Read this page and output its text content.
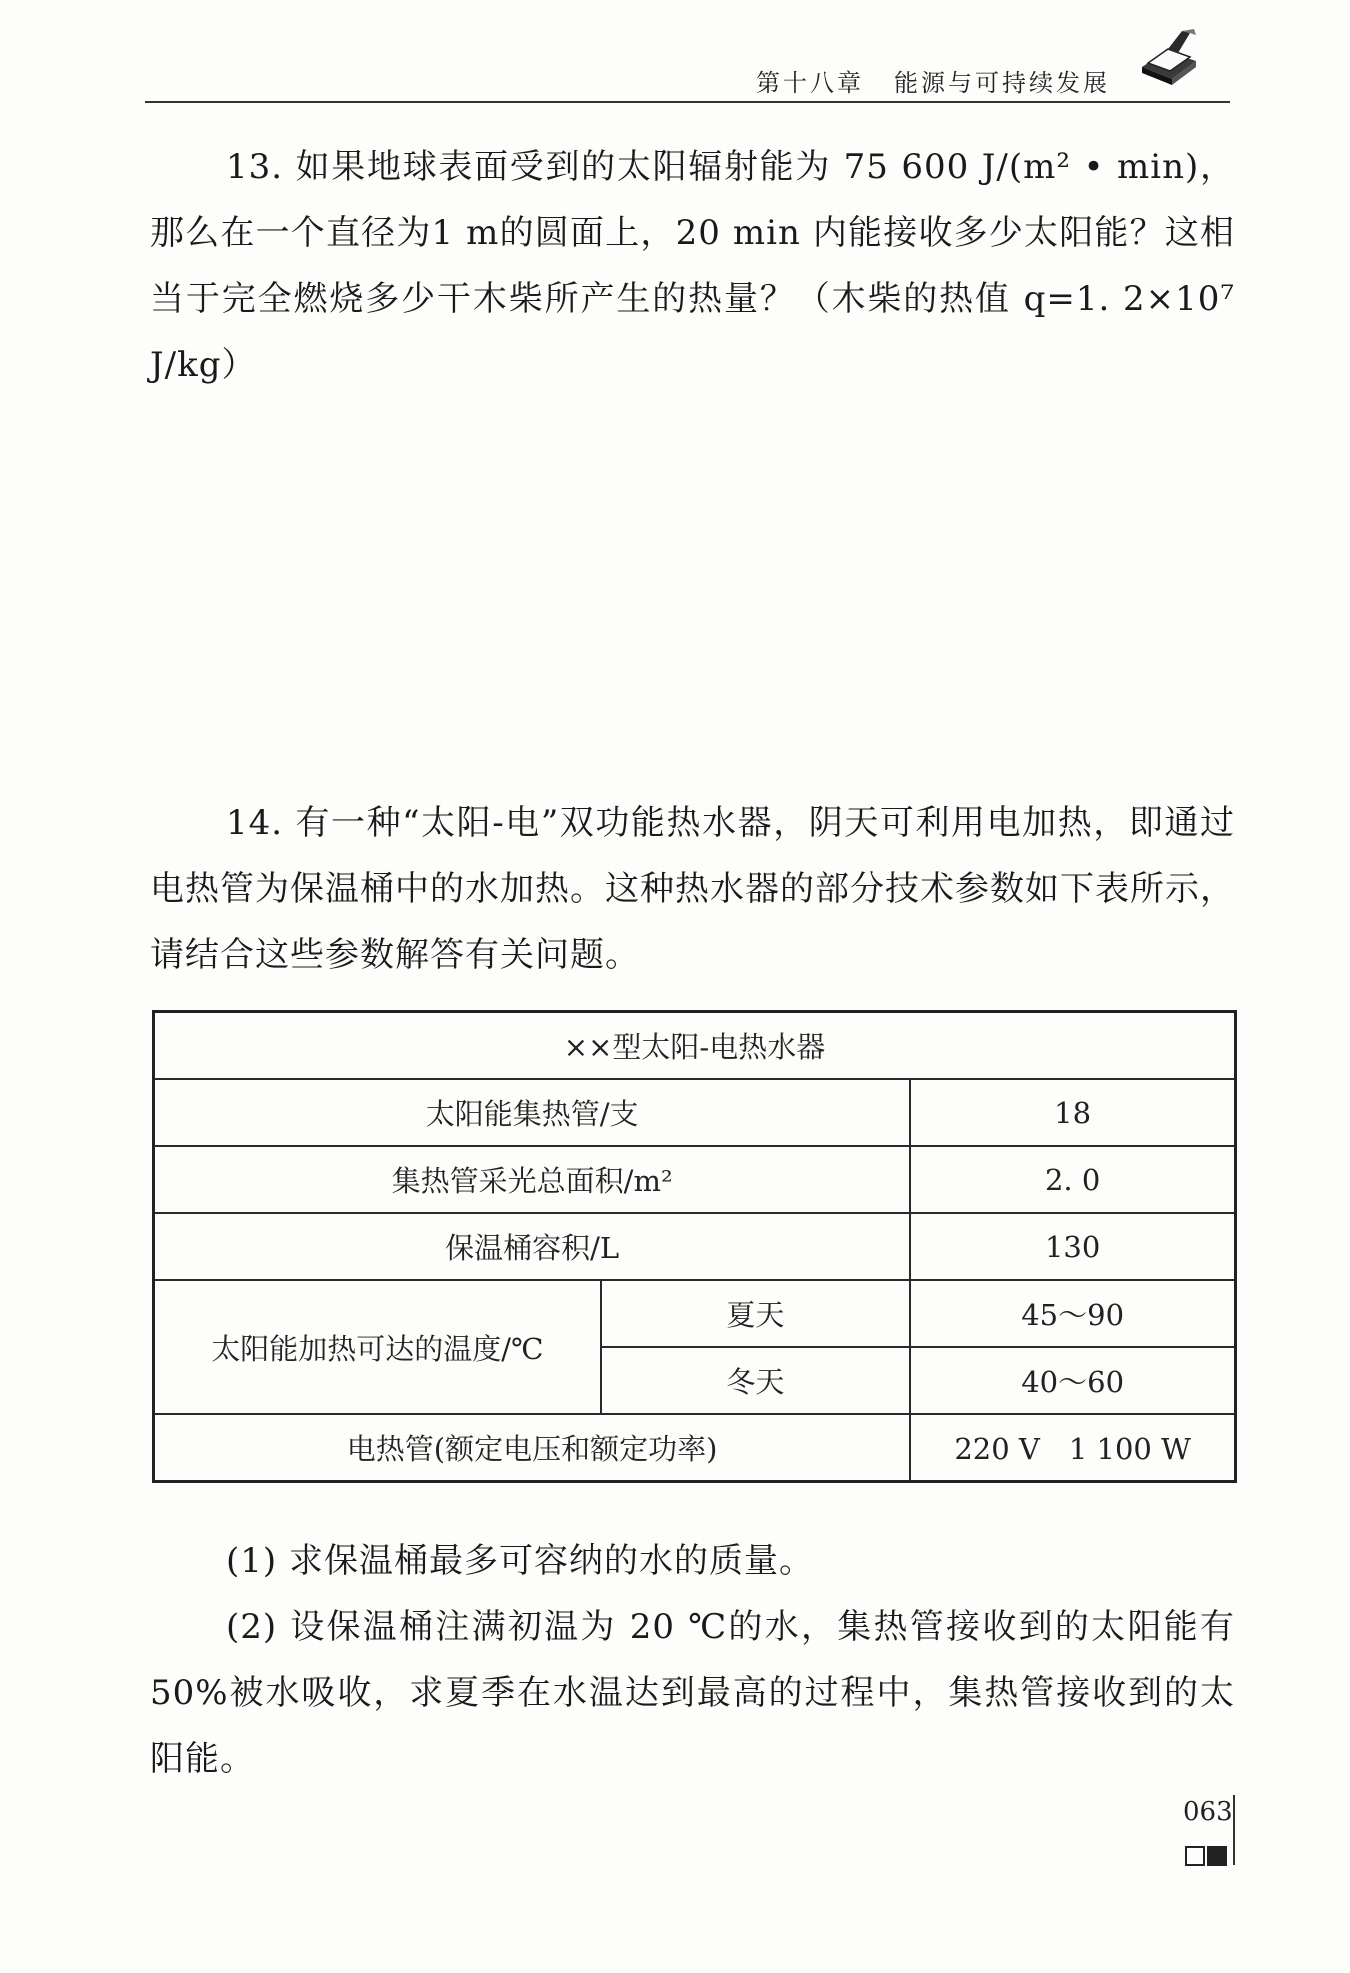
第十八章 能源与可持续发展
13. 如果地球表面受到的太阳辐射能为 75 600 J/(m² • min)，那么在一个直径为1 m的圆面上，20 min 内能接收多少太阳能？这相当于完全燃烧多少干木柴所产生的热量？（木柴的热值 q=1. 2×10⁷ J/kg）
14. 有一种“太阳-电”双功能热水器，阴天可利用电加热，即通过电热管为保温桶中的水加热。这种热水器的部分技术参数如下表所示，请结合这些参数解答有关问题。
××型太阳-电热水器		
太阳能集热管/支		18
集热管采光总面积/m²		2. 0
保温桶容积/L		130
太阳能加热可达的温度/℃	夏天	45～90
	冬天	40～60
电热管(额定电压和额定功率)		220 V　1 100 W
(1) 求保温桶最多可容纳的水的质量。
(2) 设保温桶注满初温为 20 ℃的水，集热管接收到的太阳能有 50%被水吸收，求夏季在水温达到最高的过程中，集热管接收到的太阳能。
063
